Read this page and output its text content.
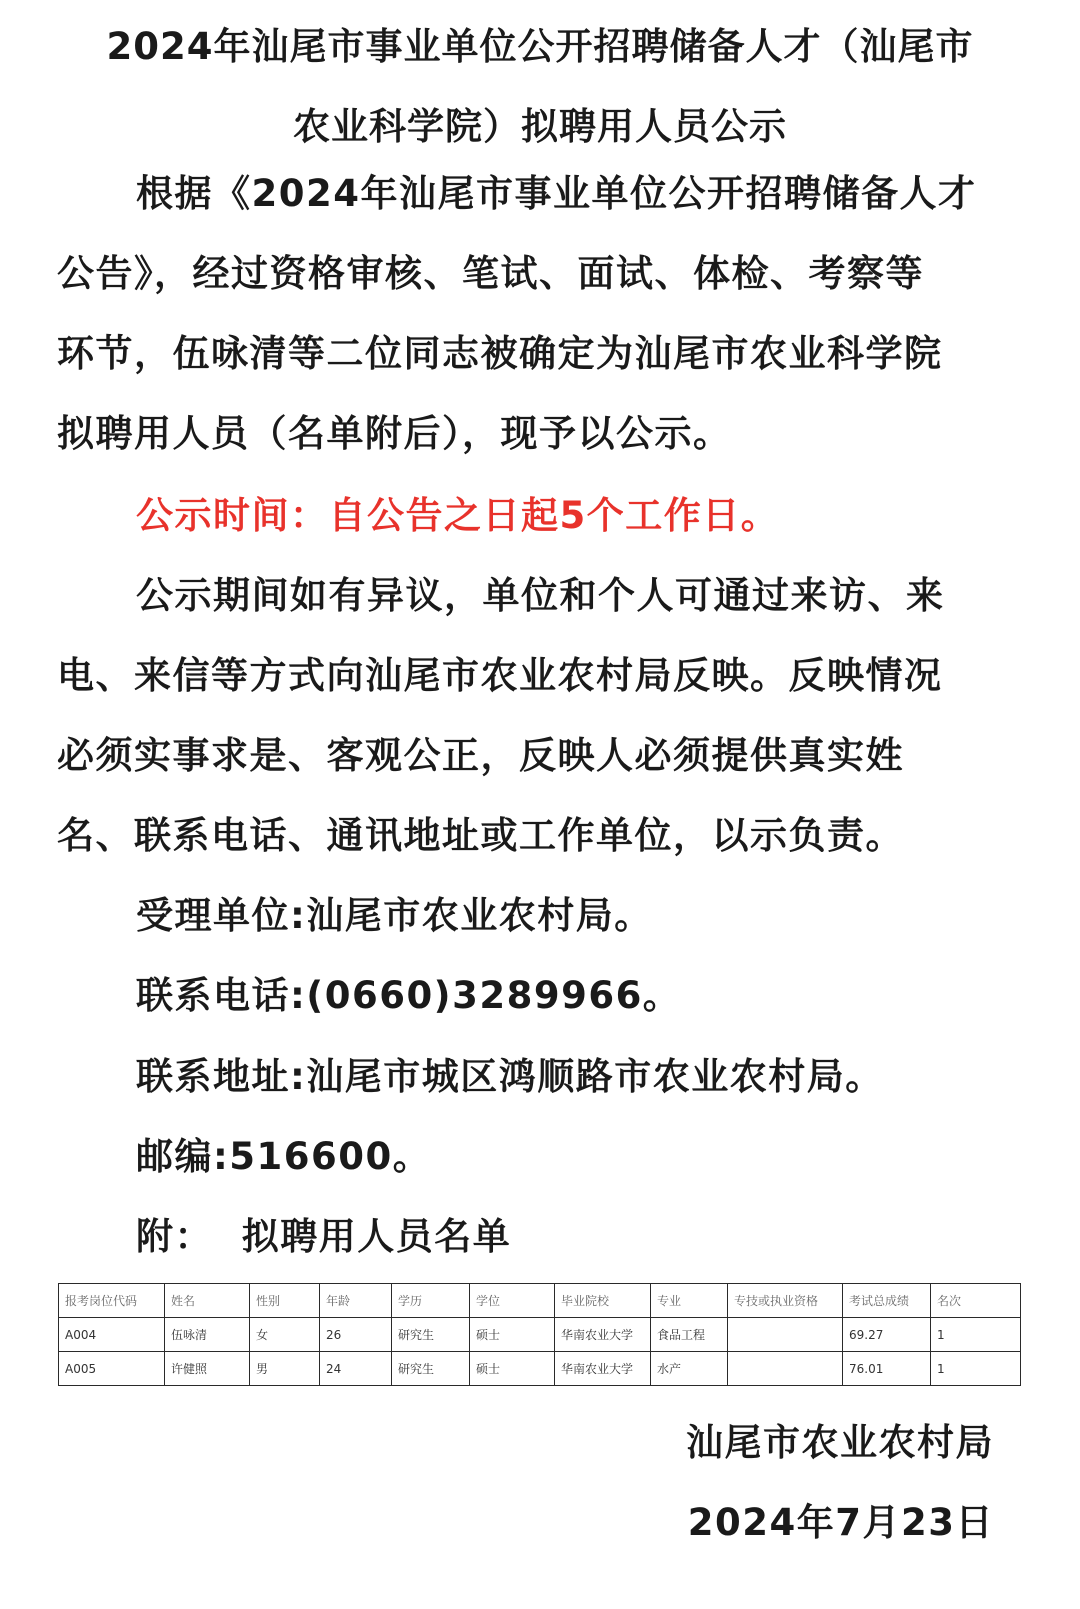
2024年汕尾市事业单位公开招聘储备人才（汕尾市
农业科学院）拟聘用人员公示
根据《2024年汕尾市事业单位公开招聘储备人才
公告》，经过资格审核、笔试、面试、体检、考察等
环节，伍咏清等二位同志被确定为汕尾市农业科学院
拟聘用人员（名单附后），现予以公示。
公示时间：自公告之日起5个工作日。
公示期间如有异议，单位和个人可通过来访、来
电、来信等方式向汕尾市农业农村局反映。反映情况
必须实事求是、客观公正，反映人必须提供真实姓
名、联系电话、通讯地址或工作单位，以示负责。
受理单位:汕尾市农业农村局。
联系电话:(0660)3289966。
联系地址:汕尾市城区鸿顺路市农业农村局。
邮编:516600。
附：  拟聘用人员名单
报考岗位代码	姓名	性别	年龄	学历	学位	毕业院校	专业	专技或执业资格	考试总成绩	名次
A004	伍咏清	女	26	研究生	硕士	华南农业大学	食品工程		69.27	1
A005	许健照	男	24	研究生	硕士	华南农业大学	水产		76.01	1
汕尾市农业农村局
2024年7月23日
